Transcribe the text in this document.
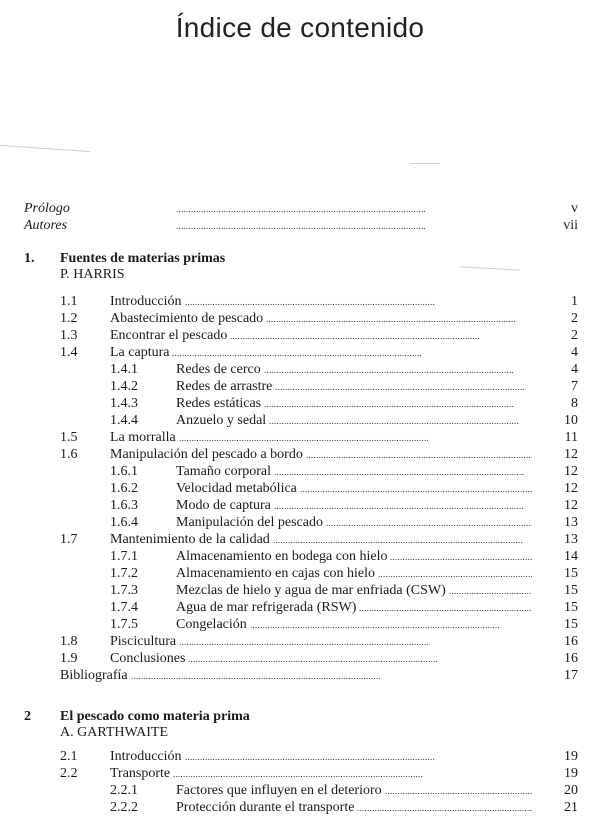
Índice de contenido
Prólogo . . .	v
Autores . . .	vii
1. Fuentes de materias primas
P. HARRIS
1.1 Introducción . . .	1
1.2 Abastecimiento de pescado . . .	2
1.3 Encontrar el pescado . . .	2
1.4 La captura . . .	4
1.4.1	Redes de cerco . . .	4
1.4.2	Redes de arrastre . . .	7
1.4.3	Redes estáticas . . .	8
1.4.4	Anzuelo y sedal . . .	10
1.5 La morralla . . .	11
1.6 Manipulación del pescado a bordo . . .	12
1.6.1	Tamaño corporal . . .	12
1.6.2	Velocidad metabólica . . .	12
1.6.3	Modo de captura . . .	12
1.6.4	Manipulación del pescado . . .	13
1.7 Mantenimiento de la calidad . . .	13
1.7.1	Almacenamiento en bodega con hielo . . .	14
1.7.2	Almacenamiento en cajas con hielo . . .	15
1.7.3	Mezclas de hielo y agua de mar enfriada (CSW) . . .	15
1.7.4	Agua de mar refrigerada (RSW) . . .	15
1.7.5	Congelación . . .	15
1.8 Piscicultura . . .	16
1.9 Conclusiones . . .	16
Bibliografía . . .	17
2 El pescado como materia prima
A. GARTHWAITE
2.1 Introducción . . .	19
2.2 Transporte . . .	19
2.2.1	Factores que influyen en el deterioro . . .	20
2.2.2	Protección durante el transporte . . .	21
